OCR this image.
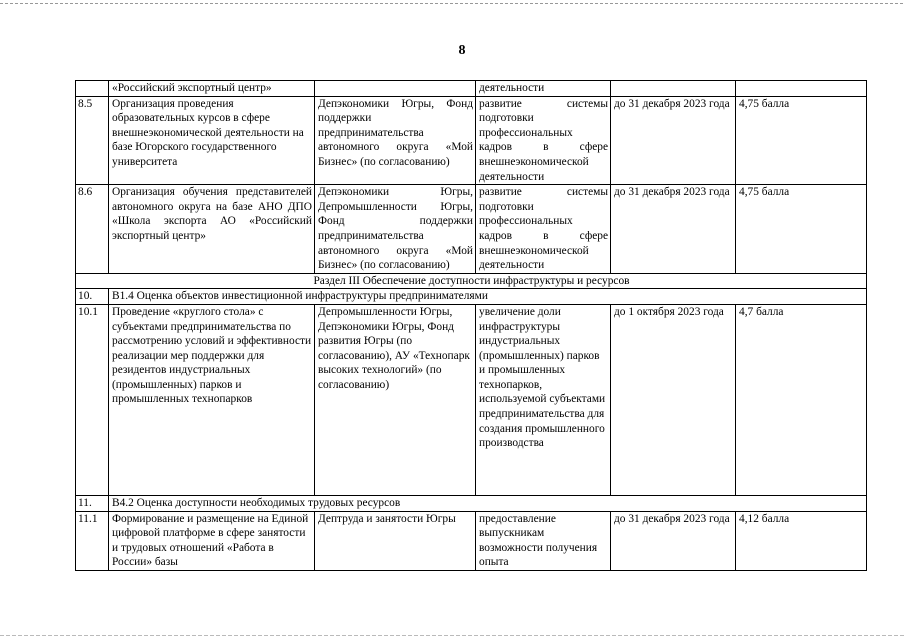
8
	«Российский экспортный центр»		деятельности		
8.5	Организация проведения образовательных курсов в сфере внешнеэкономической деятельности на базе Югорского государственного университета	Депэкономики Югры, Фонд поддержки предпринимательства автономного округа «Мой Бизнес» (по согласованию)	развитие системы подготовки профессиональных кадров в сфере внешнеэкономической деятельности	до 31 декабря 2023 года	4,75 балла
8.6	Организация обучения представителей автономного округа на базе АНО ДПО «Школа экспорта АО «Российский экспортный центр»	Депэкономики Югры, Депромышленности Югры, Фонд поддержки предпринимательства автономного округа «Мой Бизнес» (по согласованию)	развитие системы подготовки профессиональных кадров в сфере внешнеэкономической деятельности	до 31 декабря 2023 года	4,75 балла
Раздел III Обеспечение доступности инфраструктуры и ресурсов					
10.	B1.4 Оценка объектов инвестиционной инфраструктуры предпринимателями				
10.1	Проведение «круглого стола» с субъектами предпринимательства по рассмотрению условий и эффективности реализации мер поддержки для резидентов индустриальных (промышленных) парков и промышленных технопарков	Депромышленности Югры, Депэкономики Югры, Фонд развития Югры (по согласованию), АУ «Технопарк высоких технологий» (по согласованию)	увеличение доли инфраструктуры индустриальных (промышленных) парков и промышленных технопарков, используемой субъектами предпринимательства для создания промышленного производства	до 1 октября 2023 года	4,7 балла
11.	B4.2 Оценка доступности необходимых трудовых ресурсов				
11.1	Формирование и размещение на Единой цифровой платформе в сфере занятости и трудовых отношений «Работа в России» базы	Дептруда и занятости Югры	предоставление выпускникам возможности получения опыта	до 31 декабря 2023 года	4,12 балла
